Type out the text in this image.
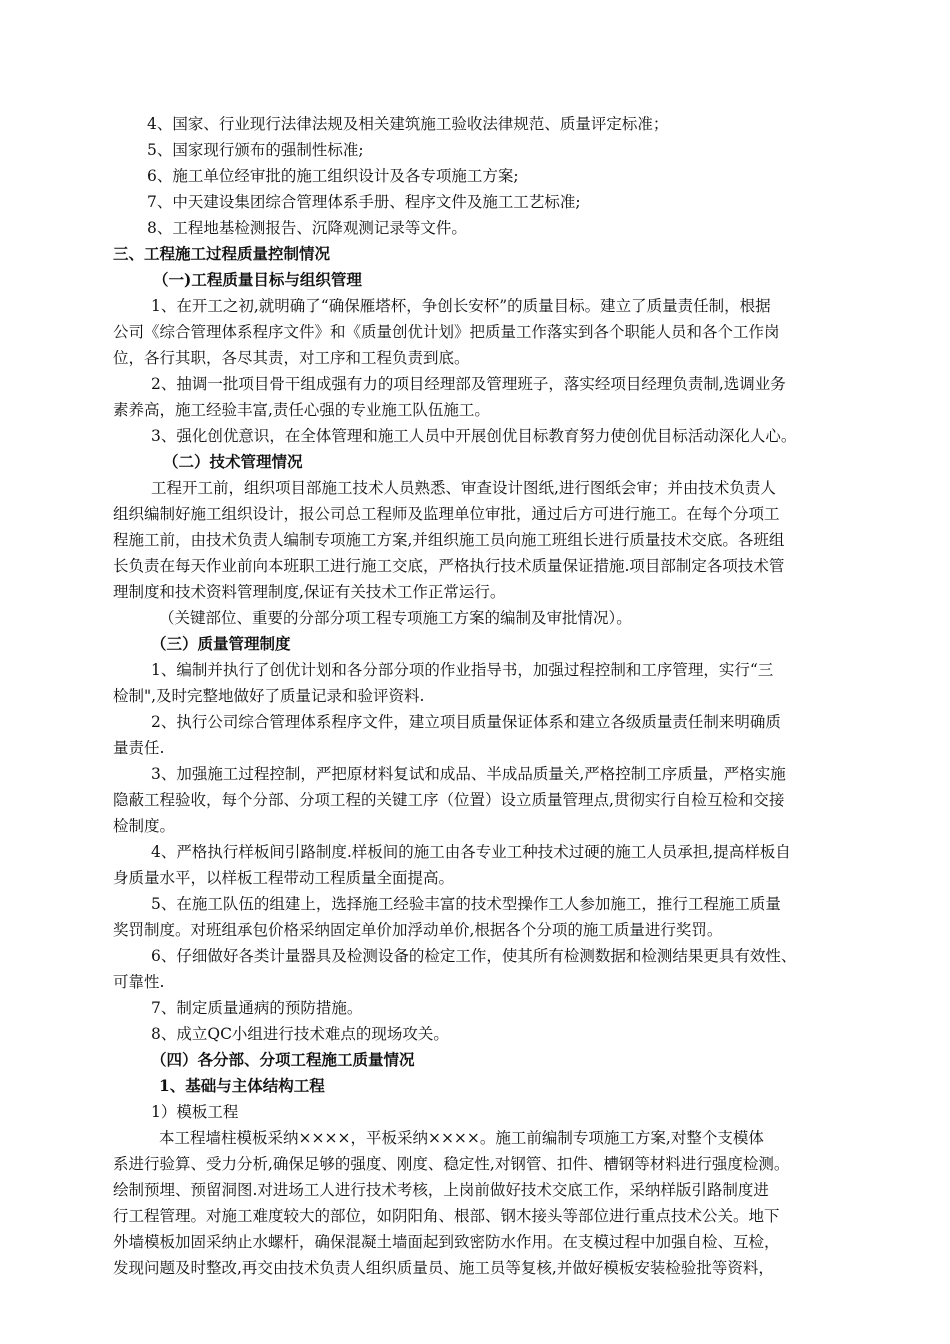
4、国家、行业现行法律法规及相关建筑施工验收法律规范、质量评定标准；
5、国家现行颁布的强制性标准;
6、施工单位经审批的施工组织设计及各专项施工方案;
7、中天建设集团综合管理体系手册、程序文件及施工工艺标准;
8、工程地基检测报告、沉降观测记录等文件。
三、工程施工过程质量控制情况
（一)工程质量目标与组织管理
1、在开工之初,就明确了“确保雁塔杯，争创长安杯”的质量目标。建立了质量责任制，根据
公司《综合管理体系程序文件》和《质量创优计划》把质量工作落实到各个职能人员和各个工作岗
位，各行其职，各尽其责，对工序和工程负责到底。
2、抽调一批项目骨干组成强有力的项目经理部及管理班子，落实经项目经理负责制,选调业务
素养高，施工经验丰富,责任心强的专业施工队伍施工。
3、强化创优意识，在全体管理和施工人员中开展创优目标教育努力使创优目标活动深化人心。
（二）技术管理情况
工程开工前，组织项目部施工技术人员熟悉、审查设计图纸,进行图纸会审；并由技术负责人
组织编制好施工组织设计，报公司总工程师及监理单位审批，通过后方可进行施工。在每个分项工
程施工前，由技术负责人编制专项施工方案,并组织施工员向施工班组长进行质量技术交底。各班组
长负责在每天作业前向本班职工进行施工交底，严格执行技术质量保证措施.项目部制定各项技术管
理制度和技术资料管理制度,保证有关技术工作正常运行。
（关键部位、重要的分部分项工程专项施工方案的编制及审批情况）。
（三）质量管理制度
1、编制并执行了创优计划和各分部分项的作业指导书，加强过程控制和工序管理，实行“三
检制",及时完整地做好了质量记录和验评资料.
2、执行公司综合管理体系程序文件，建立项目质量保证体系和建立各级质量责任制来明确质
量责任.
3、加强施工过程控制，严把原材料复试和成品、半成品质量关,严格控制工序质量，严格实施
隐蔽工程验收，每个分部、分项工程的关键工序（位置）设立质量管理点,贯彻实行自检互检和交接
检制度。
4、严格执行样板间引路制度.样板间的施工由各专业工种技术过硬的施工人员承担,提高样板自
身质量水平，以样板工程带动工程质量全面提高。
5、在施工队伍的组建上，选择施工经验丰富的技术型操作工人参加施工，推行工程施工质量
奖罚制度。对班组承包价格采纳固定单价加浮动单价,根据各个分项的施工质量进行奖罚。
6、仔细做好各类计量器具及检测设备的检定工作，使其所有检测数据和检测结果更具有效性、
可靠性.
7、制定质量通病的预防措施。
8、成立QC小组进行技术难点的现场攻关。
（四）各分部、分项工程施工质量情况
1、基础与主体结构工程
1）模板工程
本工程墙柱模板采纳××××，平板采纳××××。施工前编制专项施工方案,对整个支模体
系进行验算、受力分析,确保足够的强度、刚度、稳定性,对钢管、扣件、槽钢等材料进行强度检测。
绘制预埋、预留洞图.对进场工人进行技术考核，上岗前做好技术交底工作，采纳样版引路制度进
行工程管理。对施工难度较大的部位，如阴阳角、根部、钢木接头等部位进行重点技术公关。地下
外墙模板加固采纳止水螺杆，确保混凝土墙面起到致密防水作用。在支模过程中加强自检、互检，
发现问题及时整改,再交由技术负责人组织质量员、施工员等复核,并做好模板安装检验批等资料，
